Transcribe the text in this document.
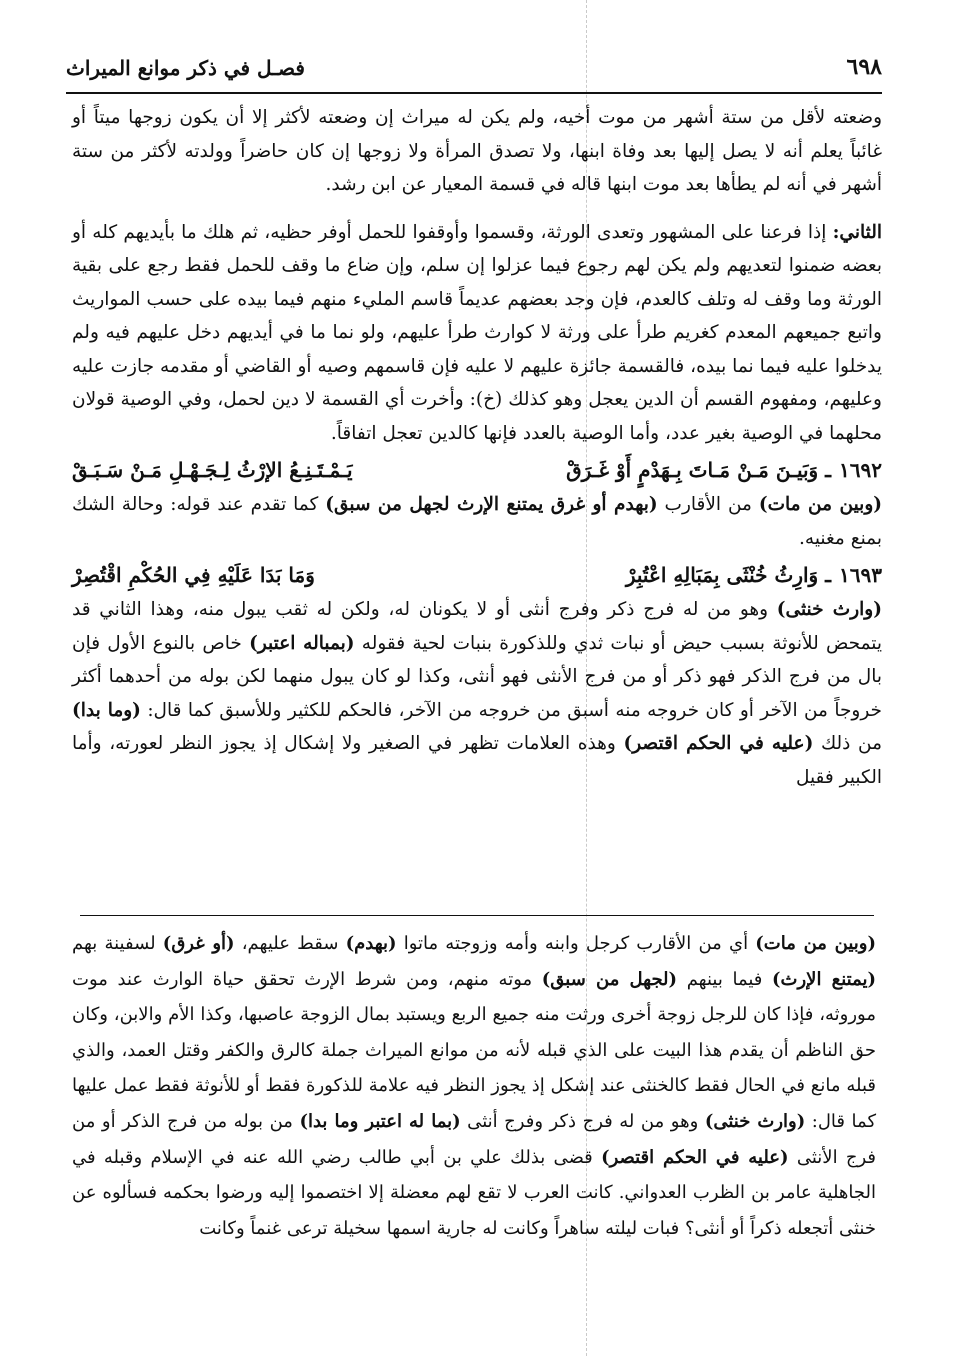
٦٩٨
فصـل في ذكر موانع الميراث

وضعته لأقل من ستة أشهر من موت أخيه، ولم يكن له ميراث إن وضعته لأكثر إلا أن يكون زوجها ميتاً أو غائباً يعلم أنه لا يصل إليها بعد وفاة ابنها، ولا تصدق المرأة ولا زوجها إن كان حاضراً وولدته لأكثر من ستة أشهر في أنه لم يطأها بعد موت ابنها قاله في قسمة المعيار عن ابن رشد.

الثاني: إذا فرعنا على المشهور وتعدى الورثة، وقسموا وأوقفوا للحمل أوفر حظيه، ثم هلك ما بأيديهم كله أو بعضه ضمنوا لتعديهم ولم يكن لهم رجوع فيما عزلوا إن سلم، وإن ضاع ما وقف للحمل فقط رجع على بقية الورثة وما وقف له وتلف كالعدم، فإن وجد بعضهم عديماً قاسم المليء منهم فيما بيده على حسب المواريث واتبع جميعهم المعدم كغريم طرأ على ورثة لا كوارث طرأ عليهم، ولو نما ما في أيديهم دخل عليهم فيه ولم يدخلوا عليه فيما نما بيده، فالقسمة جائزة عليهم لا عليه فإن قاسمهم وصيه أو القاضي أو مقدمه جازت عليه وعليهم، ومفهوم القسم أن الدين يعجل وهو كذلك (خ): وأخرت أي القسمة لا دين لحمل، وفي الوصية قولان محلهما في الوصية بغير عدد، وأما الوصية بالعدد فإنها كالدين تعجل اتفاقاً.

١٦٩٢ـ وَبَيـنَ مَـنْ مَـاتَ بِـهَدْمٍ أَوْ غَـرَقْ
يَـمْـتَـنِـعُ الإرْثُ لِـجَـهْـلِ مَـنْ سَـبَـقْ

(وبين من مات) من الأقارب (بهدم أو غرق يمتنع الإرث لجهل من سبق) كما تقدم عند قوله: وحالة الشك بمنع مغنيه.

١٦٩٣ـ وَارِثُ خُنْثَى بِمَبَالِهِ اعْتُبِرْ
وَمَا بَدَا عَلَيْهِ فِي الحُكْمِ اقْتُصِرْ

(وارث خنثى) وهو من له فرج ذكر وفرج أنثى أو لا يكونان له، ولكن له ثقب يبول منه، وهذا الثاني قد يتمحض للأنوثة بسبب حيض أو نبات ثدي وللذكورة بنبات لحية فقوله (بمباله اعتبر) خاص بالنوع الأول فإن بال من فرج الذكر فهو ذكر أو من فرج الأنثى فهو أنثى، وكذا لو كان يبول منهما لكن بوله من أحدهما أكثر خروجاً من الآخر أو كان خروجه منه أسبق من خروجه من الآخر، فالحكم للكثير وللأسبق كما قال: (وما بدا) من ذلك (عليه في الحكم اقتصر) وهذه العلامات تظهر في الصغير ولا إشكال إذ يجوز النظر لعورته، وأما الكبير فقيل

(وبين من مات) أي من الأقارب كرجل وابنه وأمه وزوجته ماتوا (بهدم) سقط عليهم، (أو غرق) لسفينة بهم (يمتنع الإرث) فيما بينهم (لجهل من سبق) موته منهم، ومن شرط الإرث تحقق حياة الوارث عند موت موروثه، فإذا كان للرجل زوجة أخرى ورثت منه جميع الربع ويستبد بمال الزوجة عاصبها، وكذا الأم والابن، وكان حق الناظم أن يقدم هذا البيت على الذي قبله لأنه من موانع الميراث جملة كالرق والكفر وقتل العمد، والذي قبله مانع في الحال فقط كالخنثى عند إشكل إذ يجوز النظر فيه علامة للذكورة فقط أو للأنوثة فقط عمل عليها كما قال: (وارث خنثى) وهو من له فرج ذكر وفرج أنثى (بما له اعتبر وما بدا) من بوله من فرج الذكر أو من فرج الأنثى (عليه في الحكم اقتصر) قضى بذلك علي بن أبي طالب رضي الله عنه في الإسلام وقبله في الجاهلية عامر بن الظرب العدواني. كانت العرب لا تقع لهم معضلة إلا اختصموا إليه ورضوا بحكمه فسألوه عن خنثى أتجعله ذكراً أو أنثى؟ فبات ليلته ساهراً وكانت له جارية اسمها سخيلة ترعى غنماً وكانت
